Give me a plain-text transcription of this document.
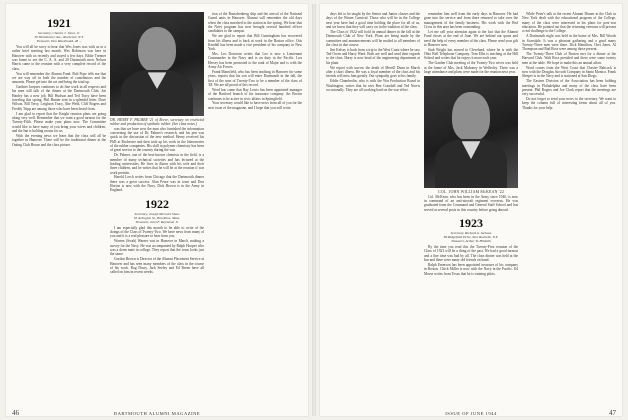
1921
Secretary, Charles J. Jones, Jr.
30 Westminster Ave., Rochester, N.Y.
Treasurer, Don Macdonald, 48 ...

You will all be sorry to hear that Wes Jones was with us to a rather brief meeting last month. Wes Robinson was here in Hanover with us recently and stayed a few days. Eddie Trenner was home to see the C. A. A. and 20 Dartmouth men. Nelson Harris came to the reunion with a very complete record of the class.

You will remember the Alumni Fund. Bob Pope tells me that we are way off in both the number of contributors and the amounts. Please get into the act and bring the total up.

Gardner Jacques continues to do fine work in all respects and his men still talk of the dinner at the Dartmouth Club. Joe Hanley has a new job. Bill Hudson and Ted Tracy have been traveling this spring. Phil Hunter sent in a splendid letter. Dave Wilson, Bill Terry, Leighton Tracy, Abe Weld, Cliff Rogers and Freddy Tripp are among those who have been heard from.

I am glad to report that the Knight reunion plans are going along very well. Remember that we want a good turnout for the Twenty-Fifth. Please make your plans now. The Committee would like to have many of you bring your wives and children, and the Inn is holding rooms for us.

With the evening news we learn that the class will all be together in Hanover. There will be the traditional dinner at the Outing Club House and the class picture.

DR. HENRY F. PALMER '21 of Reeve, secretary on restricted rubber and production of synthetic rubber. (See class notes.)

was that we have now the man who furnished the information concerning the use of Dr. Palmer's research, and his pen was quick in the discussion of the new method. Henry received his PhD at Rochester and then took up his work in the laboratories of the rubber companies. His skill in polymer chemistry has been of great service to the country during the war.

Dr. Palmer, one of the best-known chemists in the field, is a member of many technical societies and has lectured at the leading universities. He lives in Akron with his wife and their three children, and he writes that he will be at the reunion if war work permits.

Harold Lorch writes from Chicago that the Dartmouth dinner there was a great success. Alan Pease was in town and Don Horton is now with the Navy. Dick Brown is in the Army in England.

1922
Secretary, Joseph McGuire Shaw
65 Arlington St., Brookline, Mass.
Treasurer, John F. Raymond, Jr.

I am especially glad this month to be able to write of the doings of the Class of Twenty-Two. We have news from many of you and it is a real pleasure to hear from you.

Warren (Swab) Warner was in Hanover in March, making a survey for the Navy. He was accompanied by Ralph Hooper who was a dorm mate in college. They report that the town looks just the same.

Gordon Brown is Director of the Alumni Placement Service at Hanover and has seen many members of the class in the course of his work. Rog Drury, Jack Seeley and Ed Breen have all called on him in recent weeks.

tion of the Rauschenberg ship and the arrival of the National Guard units in Hanover. Alumni will remember the old days when the class marched to the station in the spring. We hear that the Navy program has now brought several hundred officer candidates to the campus.

We are glad to report that Bill Cunningham has recovered from his illness and is back at work in the Boston office. Otis Kendall has been made a vice president of his company in New York.

Mrs. Leo Donovan writes that Leo is now a Lieutenant Commander in the Navy and is on duty in the Pacific. Lou Hersey has been promoted to the rank of Major and is with the Army Air Forces.

Frank Mansfield, who has been teaching in Hanover for some years, reports that his son will enter Dartmouth in the fall, the first of the sons of Twenty-Two to be a member of the class of '48. We are all proud of this record.

Word has come that Ray Lewis has been appointed manager of the Hartford branch of his insurance company. Art Brown continues to be active in civic affairs in Springfield.

Your secretary would like to have news from all of you for the next issue of the magazine, and I hope that you will write.

46	DARTMOUTH ALUMNI MAGAZINE

days left to be taught by the Senior and Junior classes and the days of the Winter Carnival. Those who will be in the College next year have had a good time holding the place for all of us, and we know that they will carry on in the tradition of the class.

The Class of 1922 will hold its annual dinner in the fall at the Dartmouth Club of New York. Plans are being made by the committee and announcements will be mailed to all members of the class in due course.

Jim Kelsey is back from a trip to the West Coast where he saw Ted Owen and Harry Ward. Both are well and send their regards to the class. Harry is now head of the engineering department at his plant.

We report with sorrow the death of Merrill Dunn in March after a short illness. He was a loyal member of the class and his friends will miss him greatly. Our sympathy goes to his family.

Eddie Chamberlin, who is with the War Production Board in Washington, writes that he sees Ben Crandall and Ted Norris occasionally. They are all working hard on the war effort.

remember him well from the early days in Hanover. He had gone into the service and from there returned to take over the management of the family business. His work with the Red Cross in this area has been outstanding.

Let me call your attention again to the fact that the Alumni Fund closes at the end of June. We are behind our quota and need the help of every member of the class. Please send your gift to Hanover now.

Stub Wright has moved to Cleveland, where he is with the Ohio Bell Telephone Company. Tom Ellis is teaching at the Hill School and writes that he enjoys it more each year.

The Garden Club meeting of the Twenty-Two wives was held at the home of Mrs. Jack Mahoney in Wellesley. There was a large attendance and plans were made for the reunion next year.

COL. JOHN WILLIAM McKEAN '22

Col. McKean, who has been in the Army since 1940, is now in command of an anti-aircraft regiment overseas. He was graduated from the Command and General Staff School and has served at several posts in this country before going abroad.

1923
Secretary, Richard A. Jackson
89 Ridgefield Drive, New Rochelle, N.Y.
Treasurer, Arthur W. Hildreth

By the time you read this the Twenty-First reunion of the Class of 1923 will be a thing of the past. We had a good turnout and a fine time was had by all. The class dinner was held at the Inn and there were many old friends on hand.

Ralph Emerson has been appointed treasurer of his company in Boston. Chick Miller is now with the Navy in the Pacific. Ed Morse writes from Texas that he is training pilots.

While Peter's talk at the recent Alumni Dinner at the Club in New York dealt with the educational program of the College, many of the class were interested in his plans for post-war education. He pointed out that the returning veterans will present a real challenge to the College.

A Dartmouth night was held in the home of Mrs. Bill Woods in Scarsdale. It was a pleasant gathering and a good many Twenty-Three men were there. Dick Hamilton, Chet Jones, Al Thompson and Bud Ross were among those present.

The Twenty-Three Club of Boston met for a dinner at the Harvard Club. Walt Ross presided and there were some twenty men at the table. We hope to make this an annual affair.

Word comes from the West Coast that Chester Babcock is now with the Douglas Aircraft Company in Santa Monica. Frank Sleeper is in the Navy and is stationed at San Diego.

The Eastern Division of the Association has been holding meetings in Philadelphia and many of the class have been present. Phil Rogers and Joe Clark report that the meetings are very successful.

Do not forget to send your news to the secretary. We want to keep the column full of interesting items about all of you. Thanks for your help.

ISSUE OF JUNE 1944	47
